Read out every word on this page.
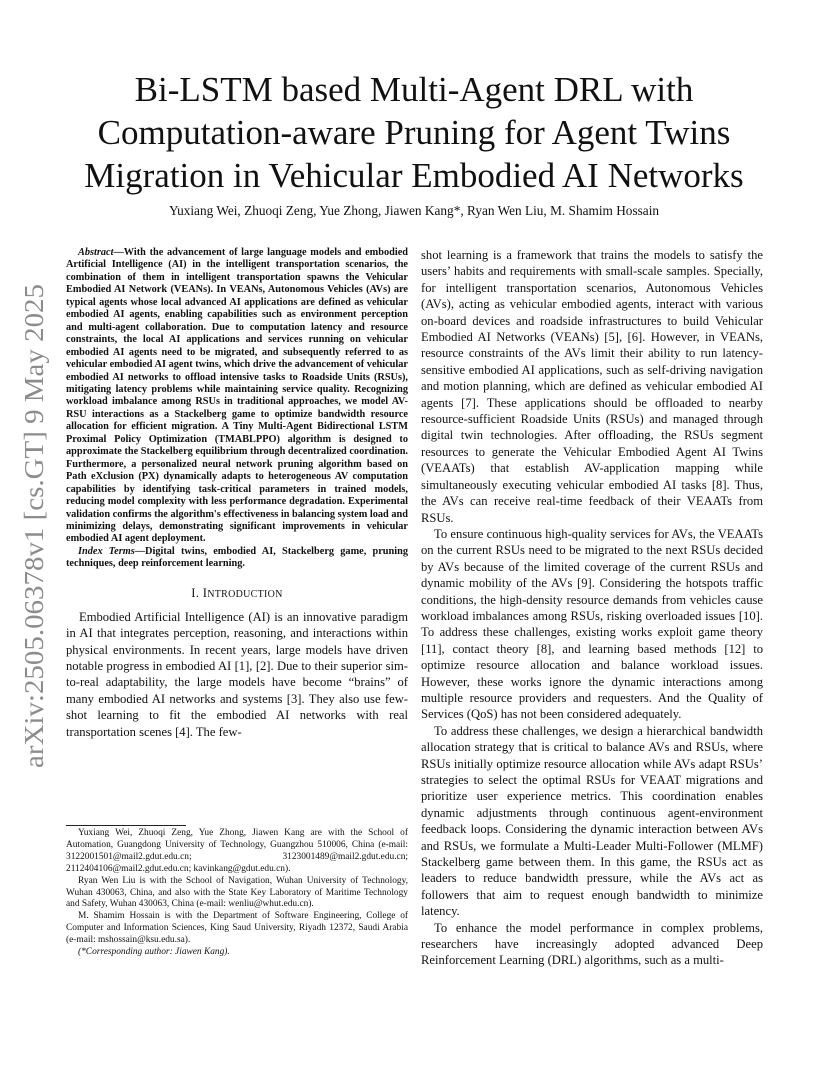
arXiv:2505.06378v1 [cs.GT] 9 May 2025
Bi-LSTM based Multi-Agent DRL with
Computation-aware Pruning for Agent Twins
Migration in Vehicular Embodied AI Networks
Yuxiang Wei, Zhuoqi Zeng, Yue Zhong, Jiawen Kang*, Ryan Wen Liu, M. Shamim Hossain

Abstract—With the advancement of large language models and embodied Artificial Intelligence (AI) in the intelligent transportation scenarios, the combination of them in intelligent transportation spawns the Vehicular Embodied AI Network (VEANs). In VEANs, Autonomous Vehicles (AVs) are typical agents whose local advanced AI applications are defined as vehicular embodied AI agents, enabling capabilities such as environment perception and multi-agent collaboration. Due to computation latency and resource constraints, the local AI applications and services running on vehicular embodied AI agents need to be migrated, and subsequently referred to as vehicular embodied AI agent twins, which drive the advancement of vehicular embodied AI networks to offload intensive tasks to Roadside Units (RSUs), mitigating latency problems while maintaining service quality. Recognizing workload imbalance among RSUs in traditional approaches, we model AV-RSU interactions as a Stackelberg game to optimize bandwidth resource allocation for efficient migration. A Tiny Multi-Agent Bidirectional LSTM Proximal Policy Optimization (TMABLPPO) algorithm is designed to approximate the Stackelberg equilibrium through decentralized coordination. Furthermore, a personalized neural network pruning algorithm based on Path eXclusion (PX) dynamically adapts to heterogeneous AV computation capabilities by identifying task-critical parameters in trained models, reducing model complexity with less performance degradation. Experimental validation confirms the algorithm's effectiveness in balancing system load and minimizing delays, demonstrating significant improvements in vehicular embodied AI agent deployment.

Index Terms—Digital twins, embodied AI, Stackelberg game, pruning techniques, deep reinforcement learning.

I. INTRODUCTION

Embodied Artificial Intelligence (AI) is an innovative paradigm in AI that integrates perception, reasoning, and interactions within physical environments. In recent years, large models have driven notable progress in embodied AI [1], [2]. Due to their superior sim-to-real adaptability, the large models have become “brains” of many embodied AI networks and systems [3]. They also use few-shot learning to fit the embodied AI networks with real transportation scenes [4]. The few-

shot learning is a framework that trains the models to satisfy the users’ habits and requirements with small-scale samples. Specially, for intelligent transportation scenarios, Autonomous Vehicles (AVs), acting as vehicular embodied agents, interact with various on-board devices and roadside infrastructures to build Vehicular Embodied AI Networks (VEANs) [5], [6]. However, in VEANs, resource constraints of the AVs limit their ability to run latency-sensitive embodied AI applications, such as self-driving navigation and motion planning, which are defined as vehicular embodied AI agents [7]. These applications should be offloaded to nearby resource-sufficient Roadside Units (RSUs) and managed through digital twin technologies. After offloading, the RSUs segment resources to generate the Vehicular Embodied Agent AI Twins (VEAATs) that establish AV-application mapping while simultaneously executing vehicular embodied AI tasks [8]. Thus, the AVs can receive real-time feedback of their VEAATs from RSUs.

To ensure continuous high-quality services for AVs, the VEAATs on the current RSUs need to be migrated to the next RSUs decided by AVs because of the limited coverage of the current RSUs and dynamic mobility of the AVs [9]. Considering the hotspots traffic conditions, the high-density resource demands from vehicles cause workload imbalances among RSUs, risking overloaded issues [10]. To address these challenges, existing works exploit game theory [11], contact theory [8], and learning based methods [12] to optimize resource allocation and balance workload issues. However, these works ignore the dynamic interactions among multiple resource providers and requesters. And the Quality of Services (QoS) has not been considered adequately.

To address these challenges, we design a hierarchical bandwidth allocation strategy that is critical to balance AVs and RSUs, where RSUs initially optimize resource allocation while AVs adapt RSUs’ strategies to select the optimal RSUs for VEAAT migrations and prioritize user experience metrics. This coordination enables dynamic adjustments through continuous agent-environment feedback loops. Considering the dynamic interaction between AVs and RSUs, we formulate a Multi-Leader Multi-Follower (MLMF) Stackelberg game between them. In this game, the RSUs act as leaders to reduce bandwidth pressure, while the AVs act as followers that aim to request enough bandwidth to minimize latency.

To enhance the model performance in complex problems, researchers have increasingly adopted advanced Deep Reinforcement Learning (DRL) algorithms, such as a multi-

Yuxiang Wei, Zhuoqi Zeng, Yue Zhong, Jiawen Kang are with the School of Automation, Guangdong University of Technology, Guangzhou 510006, China (e-mail: 3122001501@mail2.gdut.edu.cn; 3123001489@mail2.gdut.edu.cn; 2112404106@mail2.gdut.edu.cn; kavinkang@gdut.edu.cn).

Ryan Wen Liu is with the School of Navigation, Wuhan University of Technology, Wuhan 430063, China, and also with the State Key Laboratory of Maritime Technology and Safety, Wuhan 430063, China (e-mail: wenliu@whut.edu.cn).

M. Shamim Hossain is with the Department of Software Engineering, College of Computer and Information Sciences, King Saud University, Riyadh 12372, Saudi Arabia (e-mail: mshossain@ksu.edu.sa).

(*Corresponding author: Jiawen Kang).
